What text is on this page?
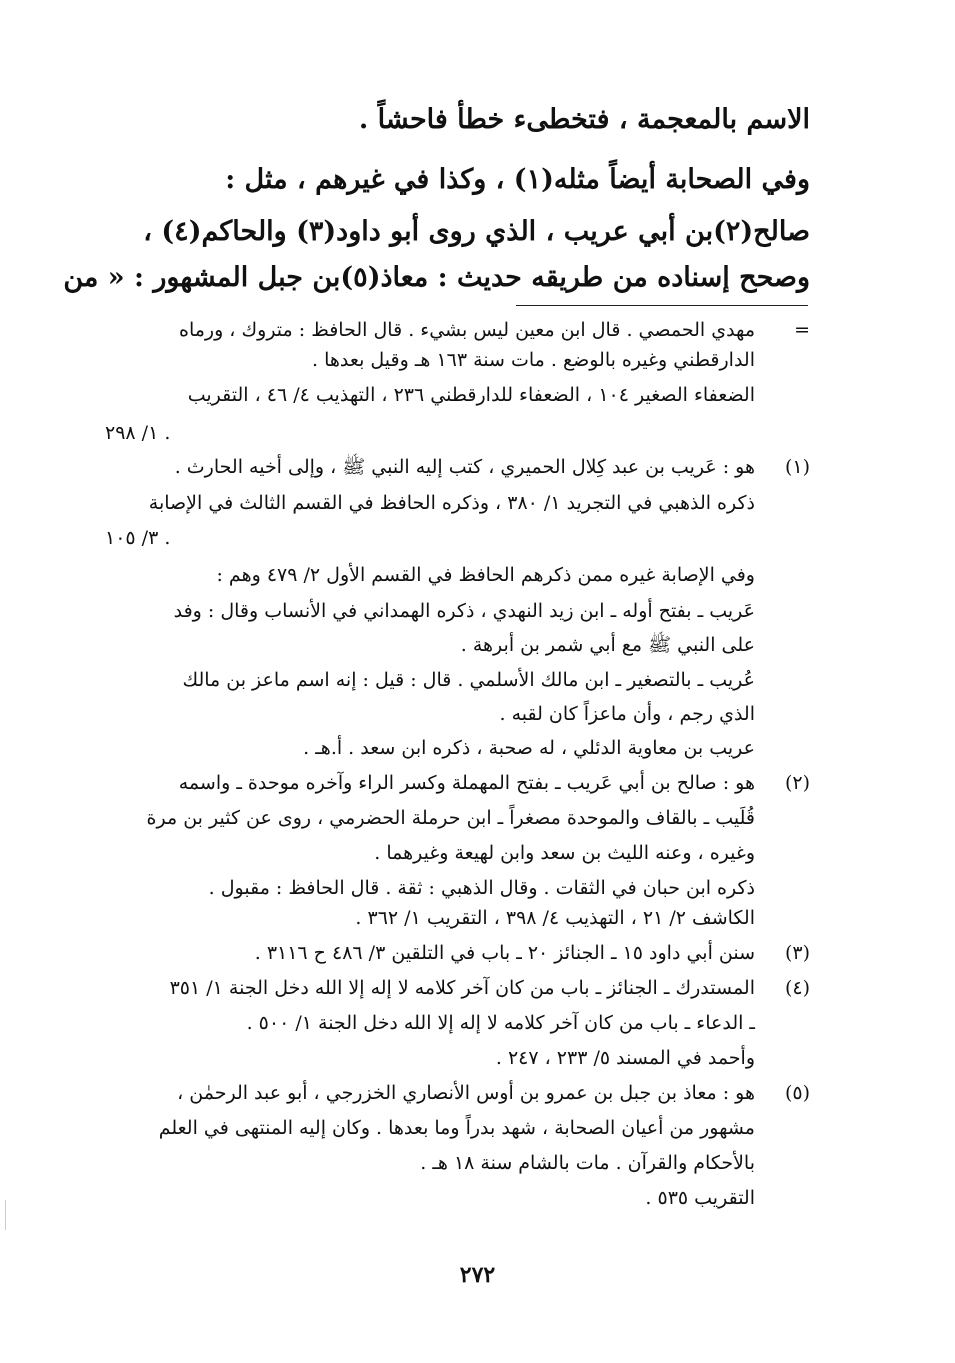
الاسم بالمعجمة ، فتخطىء خطأ فاحشاً .
وفي الصحابة أيضاً مثله(١) ، وكذا في غيرهم ، مثل :
صالح(٢)بن أبي عريب ، الذي روى أبو داود(٣) والحاكم(٤) ،
وصحح إسناده من طريقه حديث : معاذ(٥)بن جبل المشهور : « من
=
مهدي الحمصي . قال ابن معين ليس بشيء . قال الحافظ : متروك ، ورماه
الدارقطني وغيره بالوضع . مات سنة ١٦٣ هـ وقيل بعدها .
الضعفاء الصغير ١٠٤ ، الضعفاء للدارقطني ٢٣٦ ، التهذيب ٤/ ٤٦ ، التقريب
١/ ٢٩٨ .
(١)
هو : عَريب بن عبد كِلال الحميري ، كتب إليه النبي ﷺ ، وإلى أخيه الحارث .
ذكره الذهبي في التجريد ١/ ٣٨٠ ، وذكره الحافظ في القسم الثالث في الإصابة
٣/ ١٠٥ .
وفي الإصابة غيره ممن ذكرهم الحافظ في القسم الأول ٢/ ٤٧٩ وهم :
عَريب ـ بفتح أوله ـ ابن زيد النهدي ، ذكره الهمداني في الأنساب وقال : وفد
على النبي ﷺ مع أبي شمر بن أبرهة .
عُريب ـ بالتصغير ـ ابن مالك الأسلمي . قال : قيل : إنه اسم ماعز بن مالك
الذي رجم ، وأن ماعزاً كان لقبه .
عريب بن معاوية الدئلي ، له صحبة ، ذكره ابن سعد . أ.هـ .
(٢)
هو : صالح بن أبي عَريب ـ بفتح المهملة وكسر الراء وآخره موحدة ـ واسمه
قُلَيب ـ بالقاف والموحدة مصغراً ـ ابن حرملة الحضرمي ، روى عن كثير بن مرة
وغيره ، وعنه الليث بن سعد وابن لهيعة وغيرهما .
ذكره ابن حبان في الثقات . وقال الذهبي : ثقة . قال الحافظ : مقبول .
الكاشف ٢/ ٢١ ، التهذيب ٤/ ٣٩٨ ، التقريب ١/ ٣٦٢ .
(٣)
سنن أبي داود ١٥ ـ الجنائز ٢٠ ـ باب في التلقين ٣/ ٤٨٦ ح ٣١١٦ .
(٤)
المستدرك ـ الجنائز ـ باب من كان آخر كلامه لا إله إلا الله دخل الجنة ١/ ٣٥١
ـ الدعاء ـ باب من كان آخر كلامه لا إله إلا الله دخل الجنة ١/ ٥٠٠ .
وأحمد في المسند ٥/ ٢٣٣ ، ٢٤٧ .
(٥)
هو : معاذ بن جبل بن عمرو بن أوس الأنصاري الخزرجي ، أبو عبد الرحمٰن ،
مشهور من أعيان الصحابة ، شهد بدراً وما بعدها . وكان إليه المنتهى في العلم
بالأحكام والقرآن . مات بالشام سنة ١٨ هـ .
التقريب ٥٣٥ .
٢٧٢
